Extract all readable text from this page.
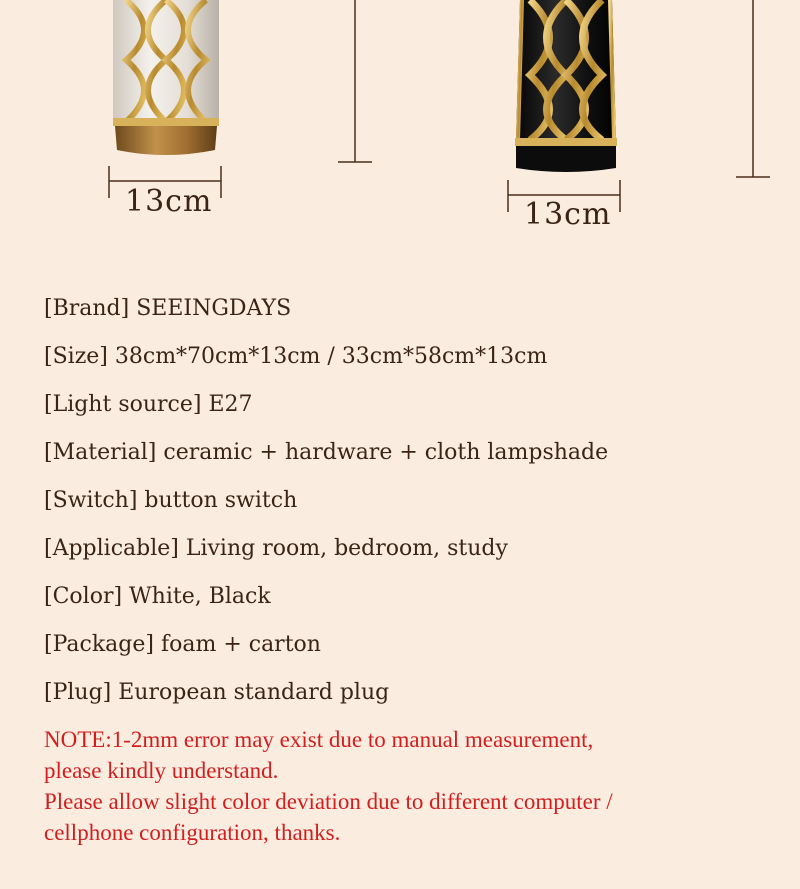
13cm	13cm
[Brand] SEEINGDAYS
[Size] 38cm*70cm*13cm / 33cm*58cm*13cm
[Light source] E27
[Material] ceramic + hardware + cloth lampshade
[Switch] button switch
[Applicable] Living room, bedroom, study
[Color] White, Black
[Package] foam + carton
[Plug] European standard plug
NOTE:1-2mm error may exist due to manual measurement,
please kindly understand.
Please allow slight color deviation due to different computer /
cellphone configuration, thanks.
